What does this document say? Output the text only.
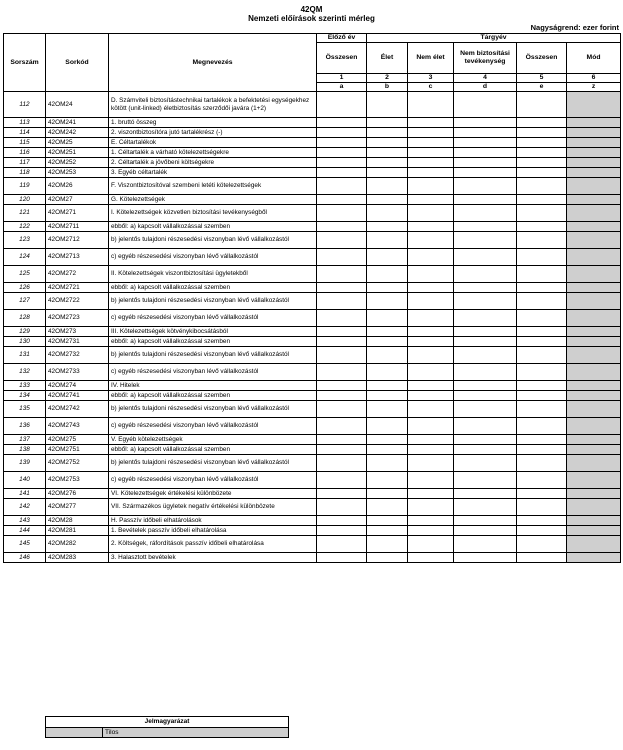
42QM
Nemzeti előírások szerinti mérleg
Nagyságrend: ezer forint
Sorszám	Sorkód	Megnevezés	Előző év	Tárgyév				
			Összesen	Élet	Nem élet	Nem biztosítási tevékenység	Összesen	Mód
			1	2	3	4	5	6
			a	b	c	d	e	z
112	42OM24	D. Számviteli biztosítástechnikai tartalékok a befektetési egységekhez kötött (unit-linked) életbiztosítás szerződői javára (1+2)						
113	42OM241	1. bruttó összeg						
114	42OM242	2. viszontbiztosítóra jutó tartalékrész (-)						
115	42OM25	E. Céltartalékok						
116	42OM251	1. Céltartalék a várható kötelezettségekre						
117	42OM252	2. Céltartalék a jövőbeni költségekre						
118	42OM253	3. Egyéb céltartalék						
119	42OM26	F. Viszontbiztosítóval szembeni letéti kötelezettségek						
120	42OM27	G. Kötelezettségek						
121	42OM271	I. Kötelezettségek közvetlen biztosítási tevékenységből						
122	42OM2711	ebből: a) kapcsolt vállalkozással szemben						
123	42OM2712	b) jelentős tulajdoni részesedési viszonyban lévő vállalkozástól						
124	42OM2713	c) egyéb részesedési viszonyban lévő vállalkozástól						
125	42OM272	II. Kötelezettségek viszontbiztosítási ügyletekből						
126	42OM2721	ebből: a) kapcsolt vállalkozással szemben						
127	42OM2722	b) jelentős tulajdoni részesedési viszonyban lévő vállalkozástól						
128	42OM2723	c) egyéb részesedési viszonyban lévő vállalkozástól						
129	42OM273	III. Kötelezettségek kötvénykibocsátásból						
130	42OM2731	ebből: a) kapcsolt vállalkozással szemben						
131	42OM2732	b) jelentős tulajdoni részesedési viszonyban lévő vállalkozástól						
132	42OM2733	c) egyéb részesedési viszonyban lévő vállalkozástól						
133	42OM274	IV. Hitelek						
134	42OM2741	ebből: a) kapcsolt vállalkozással szemben						
135	42OM2742	b) jelentős tulajdoni részesedési viszonyban lévő vállalkozástól						
136	42OM2743	c) egyéb részesedési viszonyban lévő vállalkozástól						
137	42OM275	V. Egyéb kötelezettségek						
138	42OM2751	ebből: a) kapcsolt vállalkozással szemben						
139	42OM2752	b) jelentős tulajdoni részesedési viszonyban lévő vállalkozástól						
140	42OM2753	c) egyéb részesedési viszonyban lévő vállalkozástól						
141	42OM276	VI. Kötelezettségek értékelési különbözete						
142	42OM277	VII. Származékos ügyletek negatív értékelési különbözete						
143	42OM28	H. Passzív időbeli elhatárolások						
144	42OM281	1. Bevételek passzív időbeli elhatárolása						
145	42OM282	2. Költségek, ráfordítások passzív időbeli elhatárolása						
146	42OM283	3. Halasztott bevételek						
Jelmagyarázat
	Tilos
